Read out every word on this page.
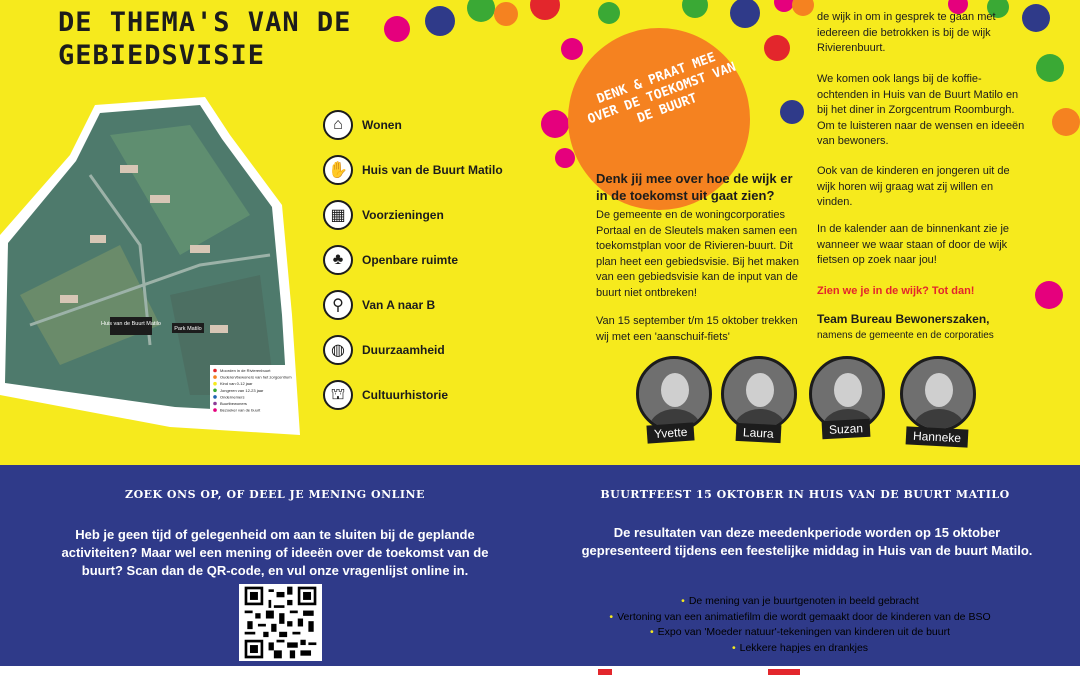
DE THEMA'S VAN DE
GEBIEDSVISIE
Huis van de Buurt Matilo
Park Matilo
Moorden in de Rivierenbuurt
Ouderen/bewoners van het zorgcentrum
Kind van 0-12 jaar
Jongeren van 12-23 jaar
Ondernemers
Buurtbewoners
Bezoeker van de buurt
⌂	Wonen
✋	Huis van de Buurt Matilo
▦	Voorzieningen
♣	Openbare ruimte
⚲	Van A naar B
◍	Duurzaamheid
⛫	Cultuurhistorie
DENK & PRAAT MEE OVER DE TOEKOMST VAN DE BUURT
Denk jij mee over hoe de wijk er in de toekomst uit gaat zien?

De gemeente en de woningcorporaties Portaal en de Sleutels maken samen een toekomstplan voor de Rivieren-buurt. Dit plan heet een gebiedsvisie. Bij het maken van een gebiedsvisie kan de input van de buurt niet ontbreken!

Van 15 september t/m 15 oktober trekken wij met een 'aanschuif-fiets'

de wijk in om in gesprek te gaan met iedereen die betrokken is bij de wijk Rivierenbuurt.

We komen ook langs bij de koffie-ochtenden in Huis van de Buurt Matilo en bij het diner in Zorgcentrum Roomburgh. Om te luisteren naar de wensen en ideeën van bewoners.

Ook van de kinderen en jongeren uit de wijk horen wij graag wat zij willen en vinden.

In de kalender aan de binnenkant zie je wanneer we waar staan of door de wijk fietsen op zoek naar jou!

Zien we je in de wijk? Tot dan!

Team Bureau Bewonerszaken,
namens de gemeente en de corporaties
Yvette	Laura	Suzan	Hanneke
ZOEK ONS OP, OF DEEL JE MENING ONLINE

Heb je geen tijd of gelegenheid om aan te sluiten bij de geplande activiteiten? Maar wel een mening of ideeën over de toekomst van de buurt? Scan dan de QR-code, en vul onze vragenlijst online in.

BUURTFEEST 15 OKTOBER IN HUIS VAN DE BUURT MATILO

De resultaten van deze meedenkperiode worden op 15 oktober gepresenteerd tijdens een feestelijke middag in Huis van de buurt Matilo.

• De mening van je buurtgenoten in beeld gebracht
• Vertoning van een animatiefilm die wordt gemaakt door de kinderen van de BSO
• Expo van 'Moeder natuur'-tekeningen van kinderen uit de buurt
• Lekkere hapjes en drankjes
